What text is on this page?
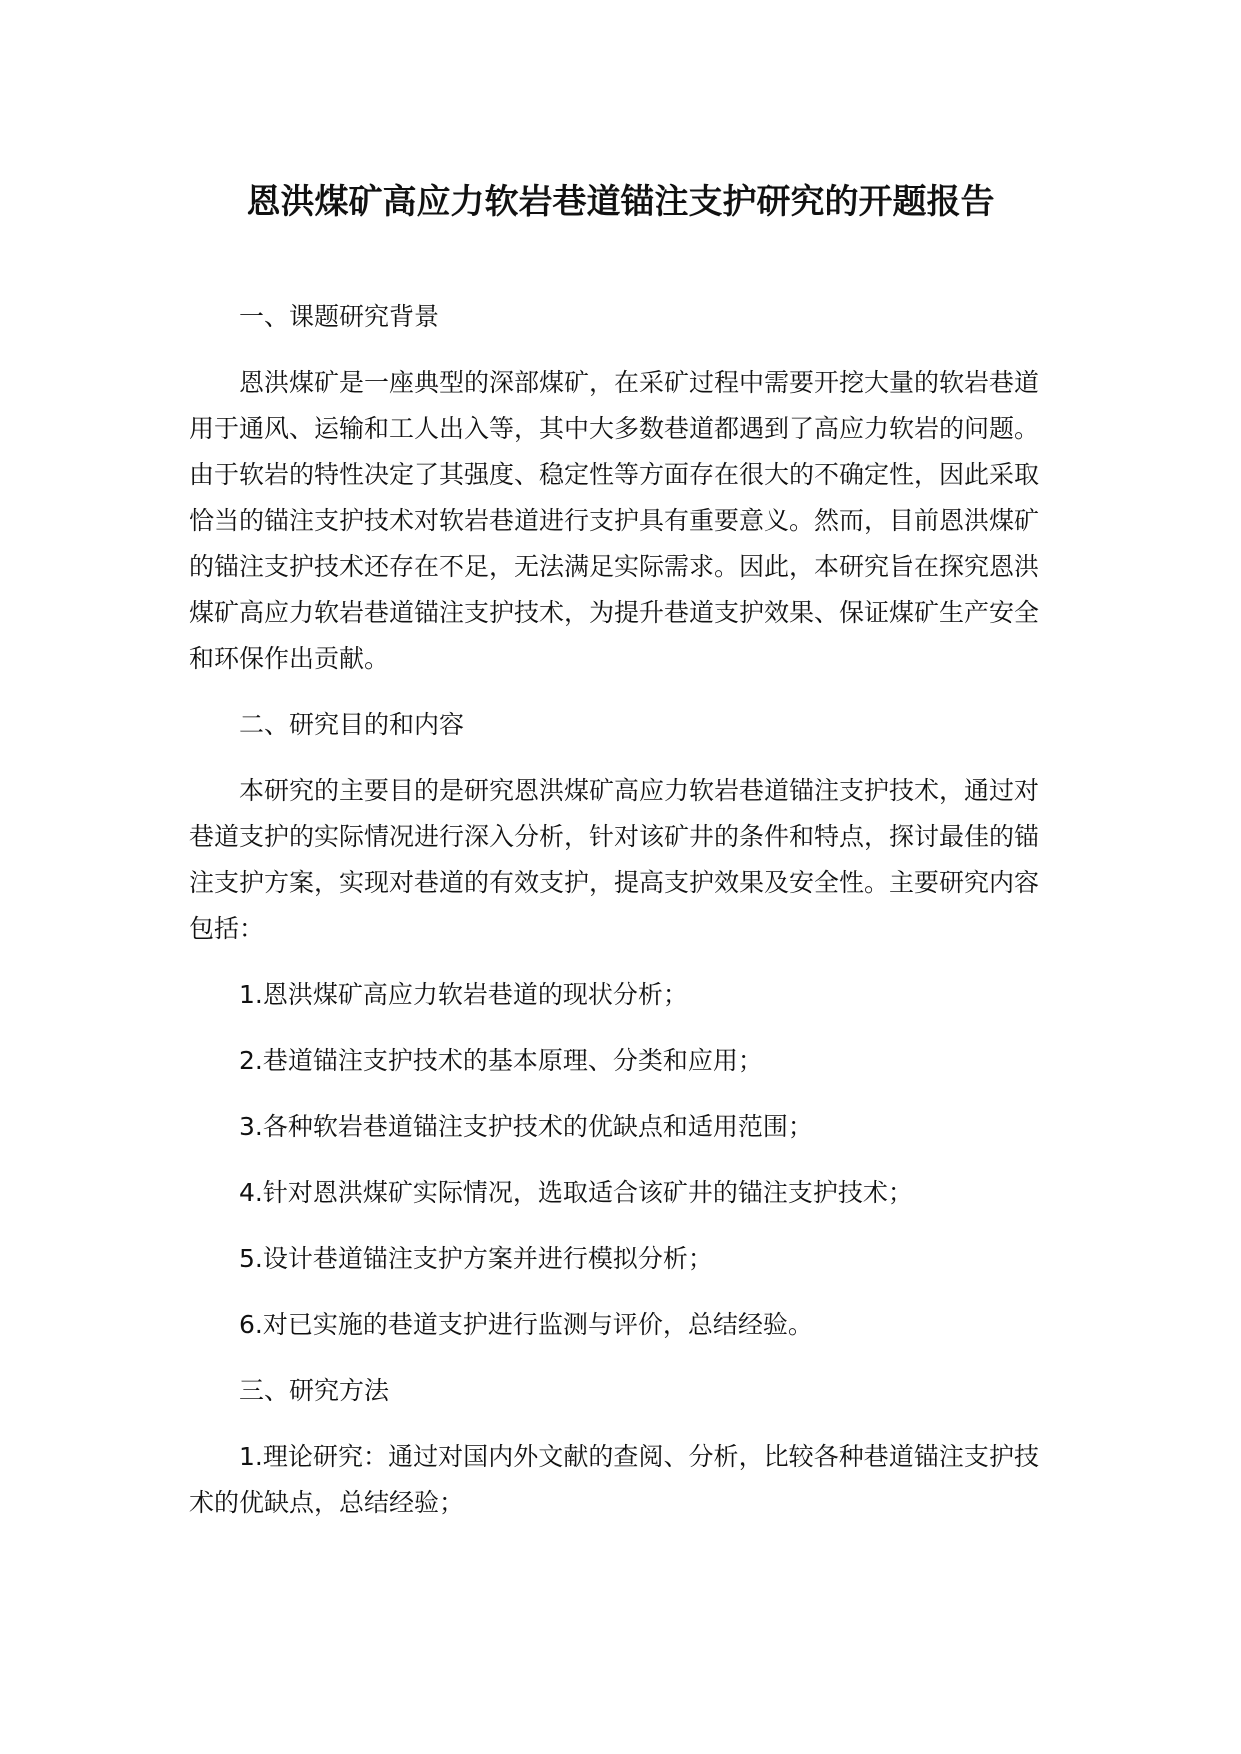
恩洪煤矿高应力软岩巷道锚注支护研究的开题报告
一、课题研究背景
恩洪煤矿是一座典型的深部煤矿，在采矿过程中需要开挖大量的软岩巷道用于通风、运输和工人出入等，其中大多数巷道都遇到了高应力软岩的问题。由于软岩的特性决定了其强度、稳定性等方面存在很大的不确定性，因此采取恰当的锚注支护技术对软岩巷道进行支护具有重要意义。然而，目前恩洪煤矿的锚注支护技术还存在不足，无法满足实际需求。因此，本研究旨在探究恩洪煤矿高应力软岩巷道锚注支护技术，为提升巷道支护效果、保证煤矿生产安全和环保作出贡献。
二、研究目的和内容
本研究的主要目的是研究恩洪煤矿高应力软岩巷道锚注支护技术，通过对巷道支护的实际情况进行深入分析，针对该矿井的条件和特点，探讨最佳的锚注支护方案，实现对巷道的有效支护，提高支护效果及安全性。主要研究内容包括：
1.恩洪煤矿高应力软岩巷道的现状分析；
2.巷道锚注支护技术的基本原理、分类和应用；
3.各种软岩巷道锚注支护技术的优缺点和适用范围；
4.针对恩洪煤矿实际情况，选取适合该矿井的锚注支护技术；
5.设计巷道锚注支护方案并进行模拟分析；
6.对已实施的巷道支护进行监测与评价，总结经验。
三、研究方法
1.理论研究：通过对国内外文献的查阅、分析，比较各种巷道锚注支护技术的优缺点，总结经验；
